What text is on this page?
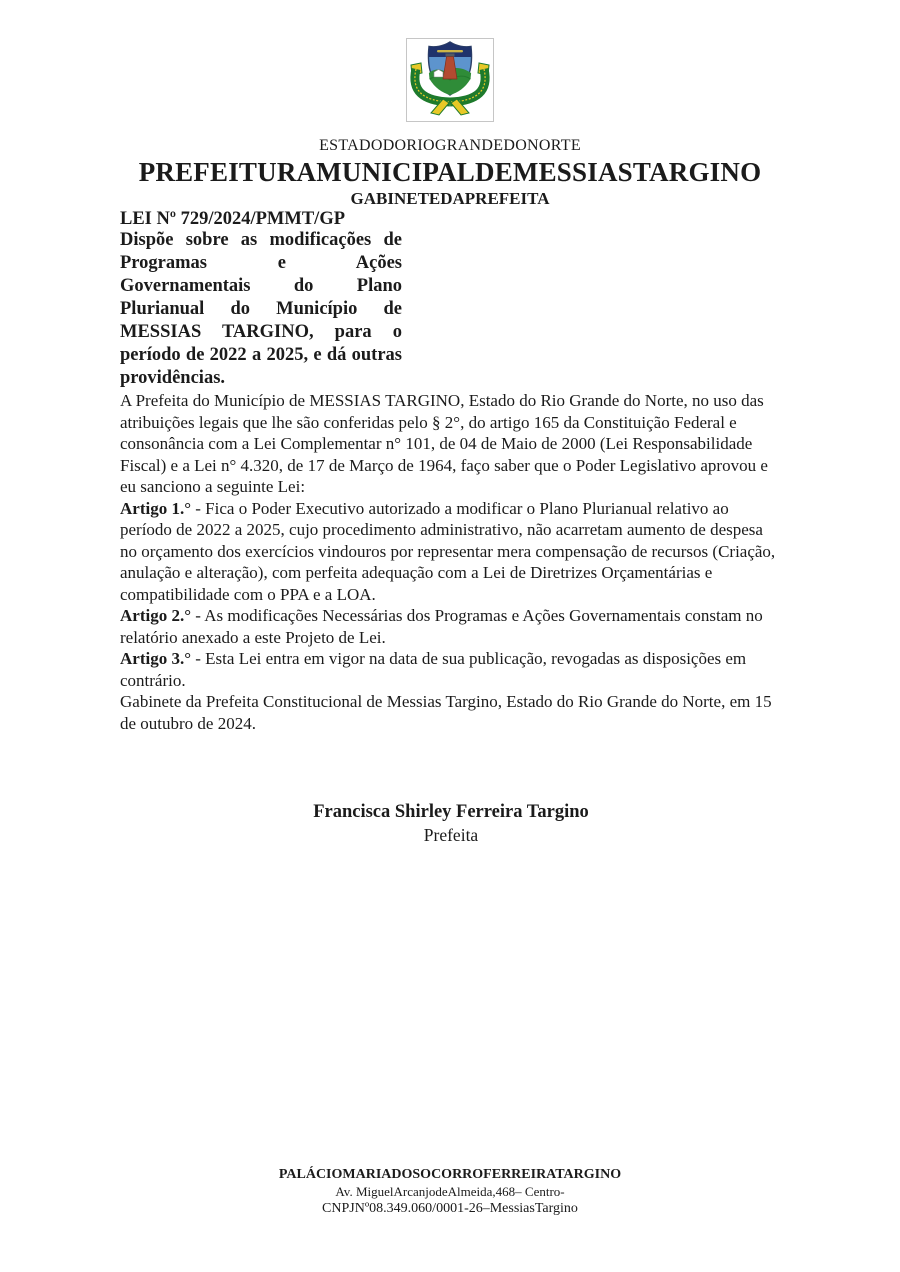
ESTADODORIOGRANDEDONORTE
PREFEITURAMUNICIPALDEMESSIASTARGINO
GABINETEDAPREFEITA

LEI Nº 729/2024/PMMT/GP

Dispõe sobre as modificações de Programas e Ações Governamentais do Plano Plurianual do Município de MESSIAS TARGINO, para o período de 2022 a 2025, e dá outras providências.

A Prefeita do Município de MESSIAS TARGINO, Estado do Rio Grande do Norte, no uso das atribuições legais que lhe são conferidas pelo § 2°, do artigo 165 da Constituição Federal e consonância com a Lei Complementar n° 101, de 04 de Maio de 2000 (Lei Responsabilidade Fiscal) e a Lei n° 4.320, de 17 de Março de 1964, faço saber que o Poder Legislativo aprovou e eu sanciono a seguinte Lei:

Artigo 1.° - Fica o Poder Executivo autorizado a modificar o Plano Plurianual relativo ao período de 2022 a 2025, cujo procedimento administrativo, não acarretam aumento de despesa no orçamento dos exercícios vindouros por representar mera compensação de recursos (Criação, anulação e alteração), com perfeita adequação com a Lei de Diretrizes Orçamentárias e compatibilidade com o PPA e a LOA.

Artigo 2.° - As modificações Necessárias dos Programas e Ações Governamentais constam no relatório anexado a este Projeto de Lei.

Artigo 3.° - Esta Lei entra em vigor na data de sua publicação, revogadas as disposições em contrário.

Gabinete da Prefeita Constitucional de Messias Targino, Estado do Rio Grande do Norte, em 15 de outubro de 2024.

Francisca Shirley Ferreira Targino
Prefeita
PALÁCIOMARIADOSOCORROFERREIRATARGINO
Av. MiguelArcanjodeAlmeida,468– Centro-
CNPJNº08.349.060/0001-26–MessiasTargino
